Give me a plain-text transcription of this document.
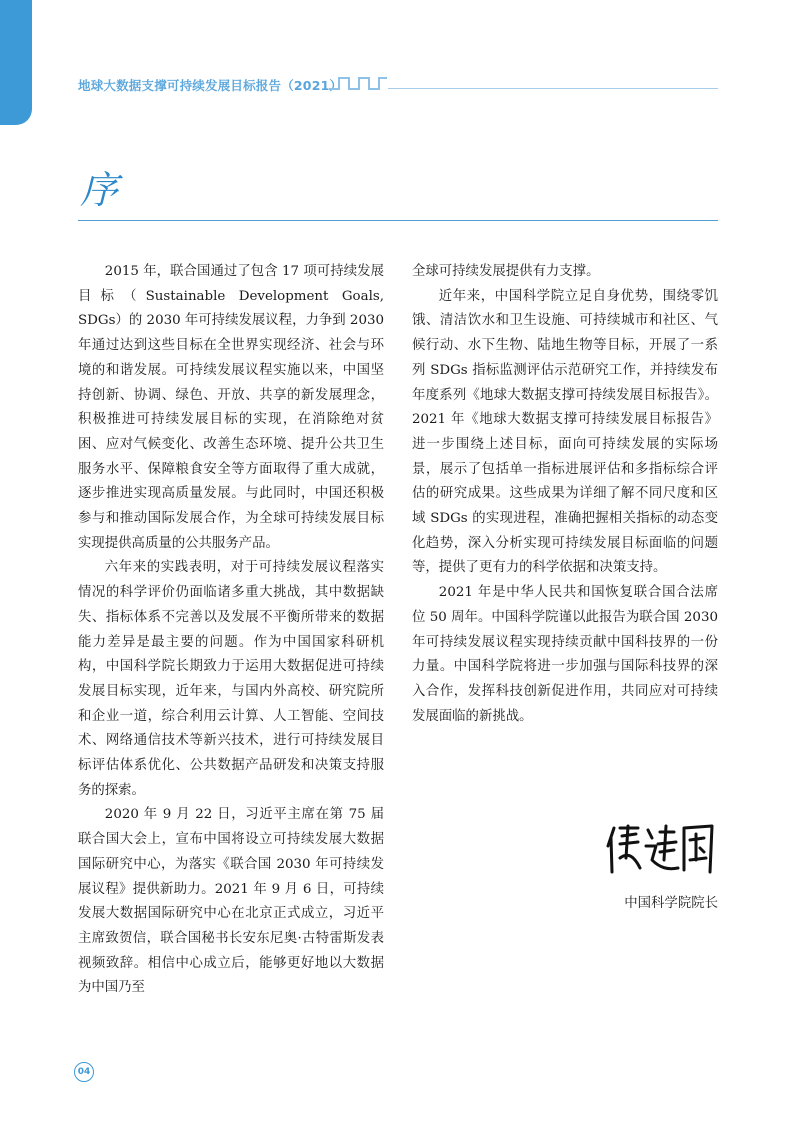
地球大数据支撑可持续发展目标报告（2021）
序

2015 年，联合国通过了包含 17 项可持续发展目标（Sustainable Development Goals, SDGs）的 2030 年可持续发展议程，力争到 2030 年通过达到这些目标在全世界实现经济、社会与环境的和谐发展。可持续发展议程实施以来，中国坚持创新、协调、绿色、开放、共享的新发展理念，积极推进可持续发展目标的实现，在消除绝对贫困、应对气候变化、改善生态环境、提升公共卫生服务水平、保障粮食安全等方面取得了重大成就，逐步推进实现高质量发展。与此同时，中国还积极参与和推动国际发展合作，为全球可持续发展目标实现提供高质量的公共服务产品。

六年来的实践表明，对于可持续发展议程落实情况的科学评价仍面临诸多重大挑战，其中数据缺失、指标体系不完善以及发展不平衡所带来的数据能力差异是最主要的问题。作为中国国家科研机构，中国科学院长期致力于运用大数据促进可持续发展目标实现，近年来，与国内外高校、研究院所和企业一道，综合利用云计算、人工智能、空间技术、网络通信技术等新兴技术，进行可持续发展目标评估体系优化、公共数据产品研发和决策支持服务的探索。

2020 年 9 月 22 日，习近平主席在第 75 届联合国大会上，宣布中国将设立可持续发展大数据国际研究中心，为落实《联合国 2030 年可持续发展议程》提供新助力。2021 年 9 月 6 日，可持续发展大数据国际研究中心在北京正式成立，习近平主席致贺信，联合国秘书长安东尼奥·古特雷斯发表视频致辞。相信中心成立后，能够更好地以大数据为中国乃至

全球可持续发展提供有力支撑。

近年来，中国科学院立足自身优势，围绕零饥饿、清洁饮水和卫生设施、可持续城市和社区、气候行动、水下生物、陆地生物等目标，开展了一系列 SDGs 指标监测评估示范研究工作，并持续发布年度系列《地球大数据支撑可持续发展目标报告》。2021 年《地球大数据支撑可持续发展目标报告》进一步围绕上述目标，面向可持续发展的实际场景，展示了包括单一指标进展评估和多指标综合评估的研究成果。这些成果为详细了解不同尺度和区域 SDGs 的实现进程，准确把握相关指标的动态变化趋势，深入分析实现可持续发展目标面临的问题等，提供了更有力的科学依据和决策支持。

2021 年是中华人民共和国恢复联合国合法席位 50 周年。中国科学院谨以此报告为联合国 2030 年可持续发展议程实现持续贡献中国科技界的一份力量。中国科学院将进一步加强与国际科技界的深入合作，发挥科技创新促进作用，共同应对可持续发展面临的新挑战。

中国科学院院长
04
